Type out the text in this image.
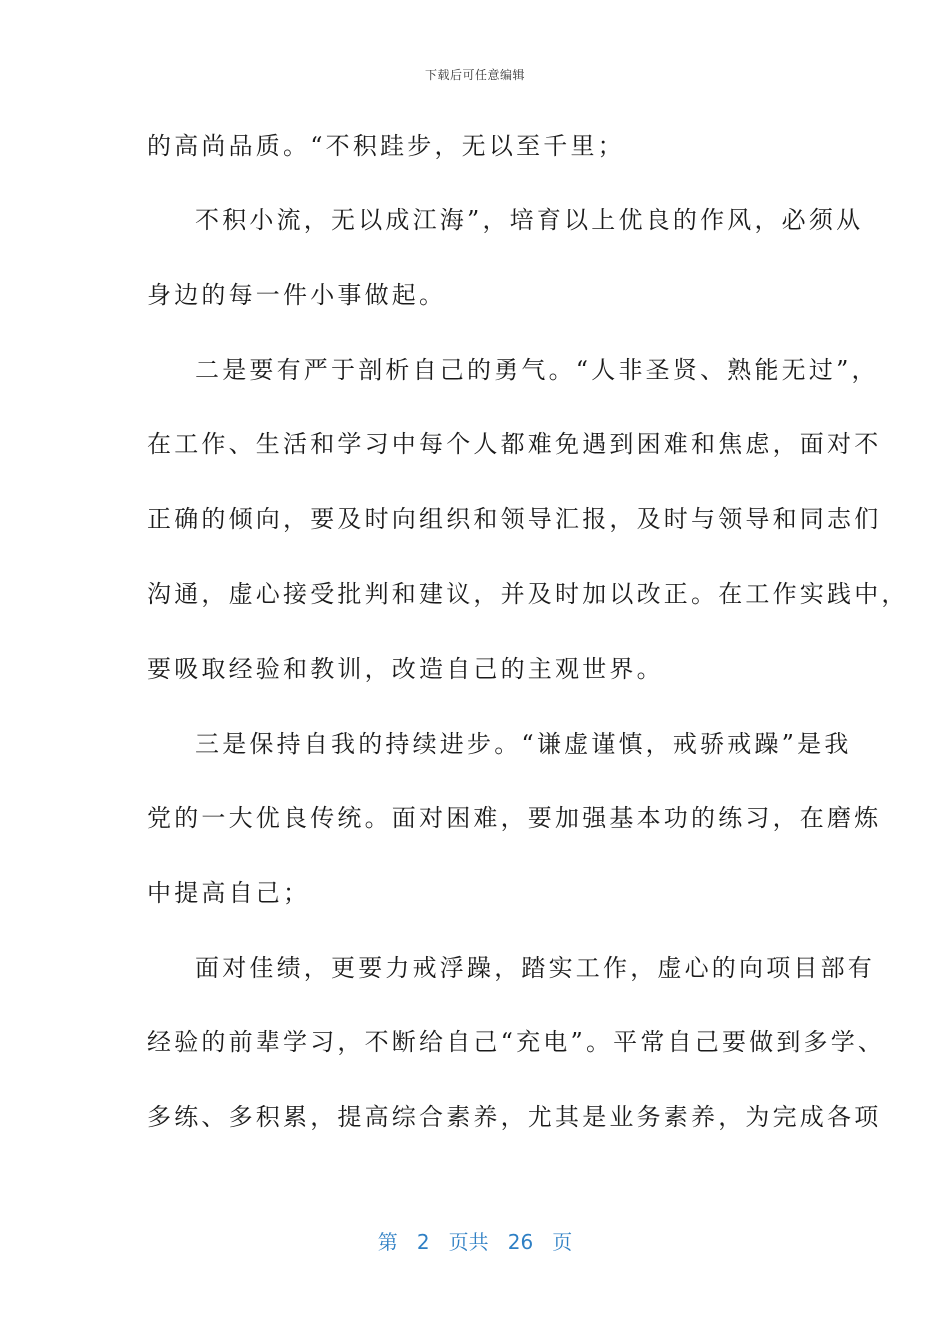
下载后可任意编辑
的高尚品质。“不积跬步，无以至千里；
不积小流，无以成江海”，培育以上优良的作风，必须从
身边的每一件小事做起。
二是要有严于剖析自己的勇气。“人非圣贤、熟能无过”，
在工作、生活和学习中每个人都难免遇到困难和焦虑，面对不
正确的倾向，要及时向组织和领导汇报，及时与领导和同志们
沟通，虚心接受批判和建议，并及时加以改正。在工作实践中，
要吸取经验和教训，改造自己的主观世界。
三是保持自我的持续进步。“谦虚谨慎，戒骄戒躁”是我
党的一大优良传统。面对困难，要加强基本功的练习，在磨炼
中提高自己；
面对佳绩，更要力戒浮躁，踏实工作，虚心的向项目部有
经验的前辈学习，不断给自己“充电”。平常自己要做到多学、
多练、多积累，提高综合素养，尤其是业务素养，为完成各项
第 2 页共 26 页
